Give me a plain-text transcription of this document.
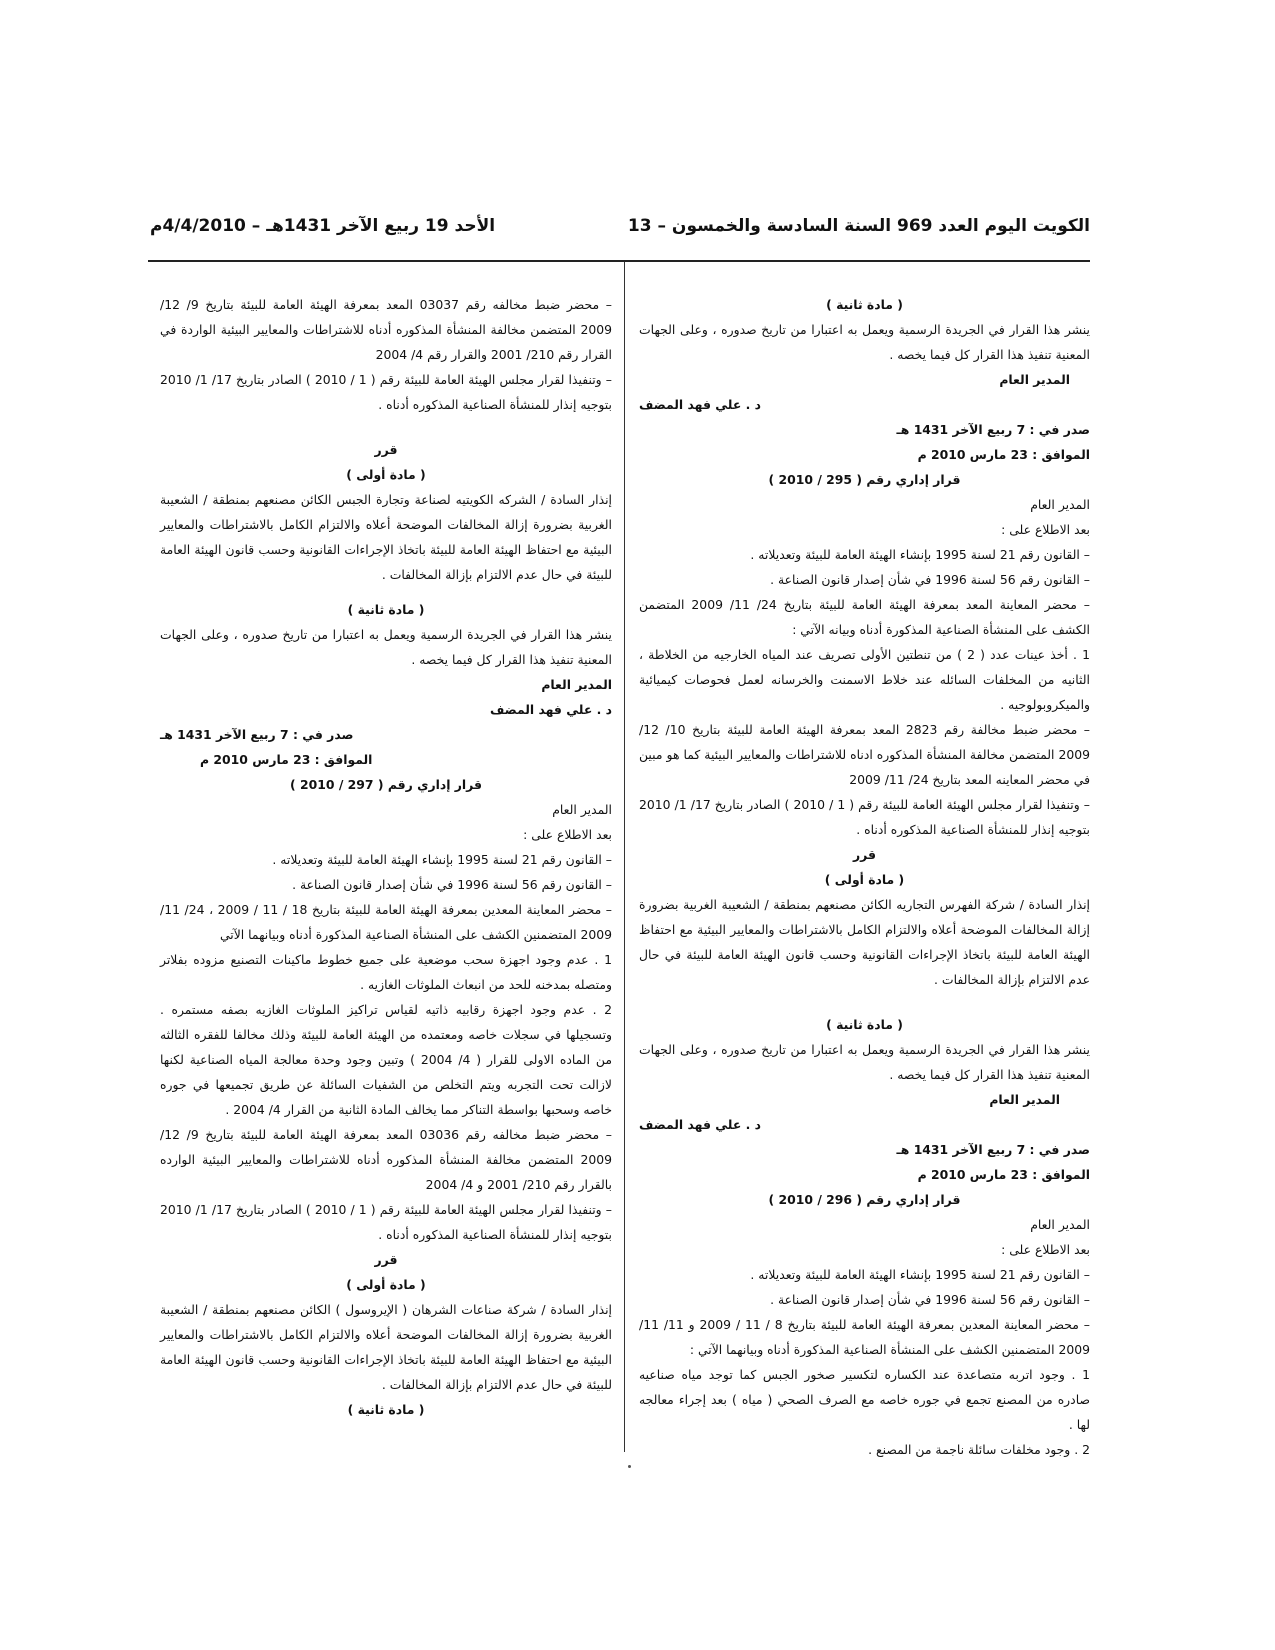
الكويت اليوم العدد 969 السنة السادسة والخمسون – 13
الأحد 19 ربيع الآخر 1431هـ – 4/4/2010م

( مادة ثانية )

ينشر هذا القرار في الجريدة الرسمية ويعمل به اعتبارا من تاريخ صدوره ، وعلى الجهات المعنية تنفيذ هذا القرار كل فيما يخصه .

المدير العام

د . علي فهد المضف

صدر في : 7 ربيع الآخر 1431 هـ

الموافق : 23 مارس 2010 م

قرار إداري رقم ( 295 / 2010 )

المدير العام

بعد الاطلاع على :

– القانون رقم 21 لسنة 1995 بإنشاء الهيئة العامة للبيئة وتعديلاته .

– القانون رقم 56 لسنة 1996 في شأن إصدار قانون الصناعة .

– محضر المعاينة المعد بمعرفة الهيئة العامة للبيئة بتاريخ 24/ 11/ 2009 المتضمن الكشف على المنشأة الصناعية المذكورة أدناه وبيانه الآتي :

1 . أخذ عينات عدد ( 2 ) من تنطتين الأولى تصريف عند المياه الخارجيه من الخلاطة ، الثانيه من المخلفات السائله عند خلاط الاسمنت والخرسانه لعمل فحوصات كيميائية والميكروبولوجيه .

– محضر ضبط مخالفة رقم 2823 المعد بمعرفة الهيئة العامة للبيئة بتاريخ 10/ 12/ 2009 المتضمن مخالفة المنشأة المذكوره ادناه للاشتراطات والمعايير البيئية كما هو مبين في محضر المعاينه المعد بتاريخ 24/ 11/ 2009

– وتنفيذا لقرار مجلس الهيئة العامة للبيئة رقم ( 1 / 2010 ) الصادر بتاريخ 17/ 1/ 2010 بتوجيه إنذار للمنشأة الصناعية المذكوره أدناه .

قرر

( مادة أولى )

إنذار السادة / شركة الفهرس التجاريه الكائن مصنعهم بمنطقة / الشعيبة الغربية بضرورة إزالة المخالفات الموضحة أعلاه والالتزام الكامل بالاشتراطات والمعايير البيئية مع احتفاظ الهيئة العامة للبيئة باتخاذ الإجراءات القانونية وحسب قانون الهيئة العامة للبيئة في حال عدم الالتزام بإزالة المخالفات .

( مادة ثانية )

ينشر هذا القرار في الجريدة الرسمية ويعمل به اعتبارا من تاريخ صدوره ، وعلى الجهات المعنية تنفيذ هذا القرار كل فيما يخصه .

المدير العام

د . علي فهد المضف

صدر في : 7 ربيع الآخر 1431 هـ

الموافق : 23 مارس 2010 م

قرار إداري رقم ( 296 / 2010 )

المدير العام

بعد الاطلاع على :

– القانون رقم 21 لسنة 1995 بإنشاء الهيئة العامة للبيئة وتعديلاته .

– القانون رقم 56 لسنة 1996 في شأن إصدار قانون الصناعة .

– محضر المعاينة المعدين بمعرفة الهيئة العامة للبيئة بتاريخ 8 / 11 / 2009 و 11/ 11/ 2009 المتضمنين الكشف على المنشأة الصناعية المذكورة أدناه وبيانهما الآتي :

1 . وجود اتربه متصاعدة عند الكساره لتكسير صخور الجبس كما توجد مياه صناعيه صادره من المصنع تجمع في جوره خاصه مع الصرف الصحي ( مياه ) بعد إجراء معالجه لها .

2 . وجود مخلفات سائلة ناجمة من المصنع .

– محضر ضبط مخالفه رقم 03037 المعد بمعرفة الهيئة العامة للبيئة بتاريخ 9/ 12/ 2009 المتضمن مخالفة المنشأة المذكوره أدناه للاشتراطات والمعايير البيئية الواردة في القرار رقم 210/ 2001 والقرار رقم 4/ 2004

– وتنفيذا لقرار مجلس الهيئة العامة للبيئة رقم ( 1 / 2010 ) الصادر بتاريخ 17/ 1/ 2010 بتوجيه إنذار للمنشأة الصناعية المذكوره أدناه .

قرر

( مادة أولى )

إنذار السادة / الشركه الكويتيه لصناعة وتجارة الجبس الكائن مصنعهم بمنطقة / الشعيبة الغربية بضرورة إزالة المخالفات الموضحة أعلاه والالتزام الكامل بالاشتراطات والمعايير البيئية مع احتفاظ الهيئة العامة للبيئة باتخاذ الإجراءات القانونية وحسب قانون الهيئة العامة للبيئة في حال عدم الالتزام بإزالة المخالفات .

( مادة ثانية )

ينشر هذا القرار في الجريدة الرسمية ويعمل به اعتبارا من تاريخ صدوره ، وعلى الجهات المعنية تنفيذ هذا القرار كل فيما يخصه .

المدير العام

د . علي فهد المضف

صدر في : 7 ربيع الآخر 1431 هـ

الموافق : 23 مارس 2010 م

قرار إداري رقم ( 297 / 2010 )

المدير العام

بعد الاطلاع على :

– القانون رقم 21 لسنة 1995 بإنشاء الهيئة العامة للبيئة وتعديلاته .

– القانون رقم 56 لسنة 1996 في شأن إصدار قانون الصناعة .

– محضر المعاينة المعدين بمعرفة الهيئة العامة للبيئة بتاريخ 18 / 11 / 2009 ، 24/ 11/ 2009 المتضمنين الكشف على المنشأة الصناعية المذكورة أدناه وبيانهما الآتي

1 . عدم وجود اجهزة سحب موضعية على جميع خطوط ماكينات التصنيع مزوده بفلاتر ومتصله بمدخنه للحد من انبعاث الملوثات الغازيه .

2 . عدم وجود اجهزة رقابيه ذاتيه لقياس تراكيز الملوثات الغازيه بصفه مستمره . وتسجيلها في سجلات خاصه ومعتمده من الهيئة العامة للبيئة وذلك مخالفا للفقره الثالثه من الماده الاولى للقرار ( 4/ 2004 ) وتبين وجود وحدة معالجة المياه الصناعية لكنها لازالت تحت التجربه ويتم التخلص من الشفيات السائلة عن طريق تجميعها في جوره خاصه وسحبها بواسطة التناكر مما يخالف المادة الثانية من القرار 4/ 2004 .

– محضر ضبط مخالفه رقم 03036 المعد بمعرفة الهيئة العامة للبيئة بتاريخ 9/ 12/ 2009 المتضمن مخالفة المنشأة المذكوره أدناه للاشتراطات والمعايير البيئية الوارده بالقرار رقم 210/ 2001 و 4/ 2004

– وتنفيذا لقرار مجلس الهيئة العامة للبيئة رقم ( 1 / 2010 ) الصادر بتاريخ 17/ 1/ 2010 بتوجيه إنذار للمنشأة الصناعية المذكوره أدناه .

قرر

( مادة أولى )

إنذار السادة / شركة صناعات الشرهان ( الإيروسول ) الكائن مصنعهم بمنطقة / الشعيبة الغربية بضرورة إزالة المخالفات الموضحة أعلاه والالتزام الكامل بالاشتراطات والمعايير البيئية مع احتفاظ الهيئة العامة للبيئة باتخاذ الإجراءات القانونية وحسب قانون الهيئة العامة للبيئة في حال عدم الالتزام بإزالة المخالفات .

( مادة ثانية )
